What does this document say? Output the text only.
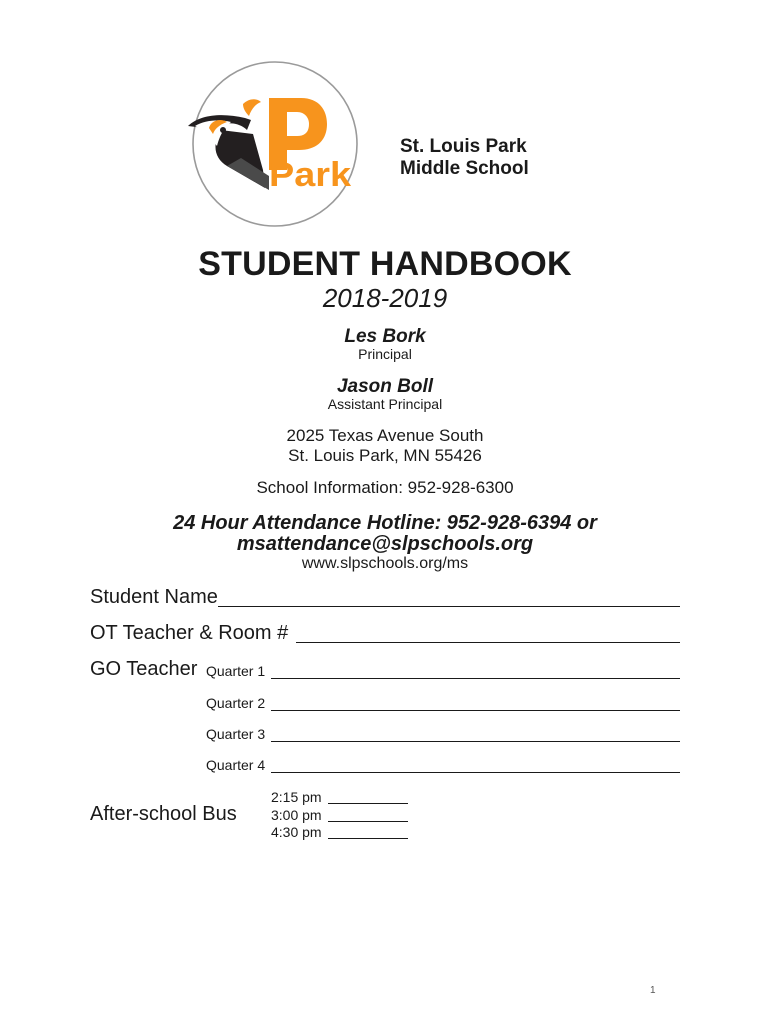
Park
St. Louis Park
Middle School
STUDENT HANDBOOK
2018-2019
Les Bork
Principal
Jason Boll
Assistant Principal
2025 Texas Avenue South
St. Louis Park, MN 55426
School Information: 952-928-6300
24 Hour Attendance Hotline: 952-928-6394 or
msattendance@slpschools.org
www.slpschools.org/ms
Student Name
OT Teacher & Room #
GO Teacher Quarter 1
Quarter 2
Quarter 3
Quarter 4
After-school Bus
2:15 pm
3:00 pm
4:30 pm
1
